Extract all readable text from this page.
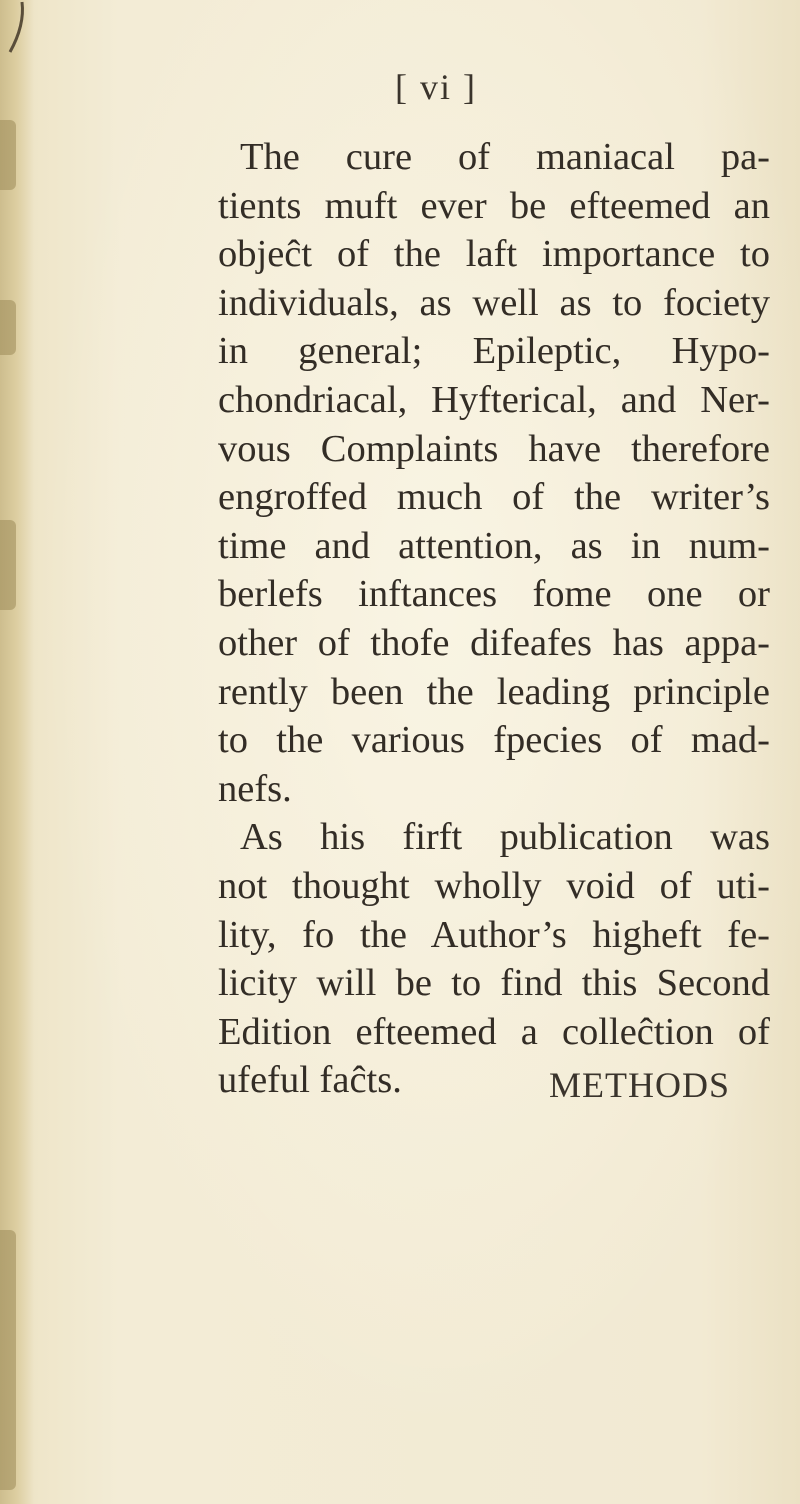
[ vi ]
The cure of maniacal pa-
tients muft ever be efteemed an
objeĉt of the laft importance to
individuals, as well as to fociety
in general; Epileptic, Hypo-
chondriacal, Hyfterical, and Ner-
vous Complaints have therefore
engroffed much of the writer’s
time and attention, as in num-
berlefs inftances fome one or
other of thofe difeafes has appa-
rently been the leading principle
to the various fpecies of mad-
nefs.
As his firft publication was
not thought wholly void of uti-
lity, fo the Author’s higheft fe-
licity will be to find this Second
Edition efteemed a colleĉtion of
ufeful faĉts.	METHODS
